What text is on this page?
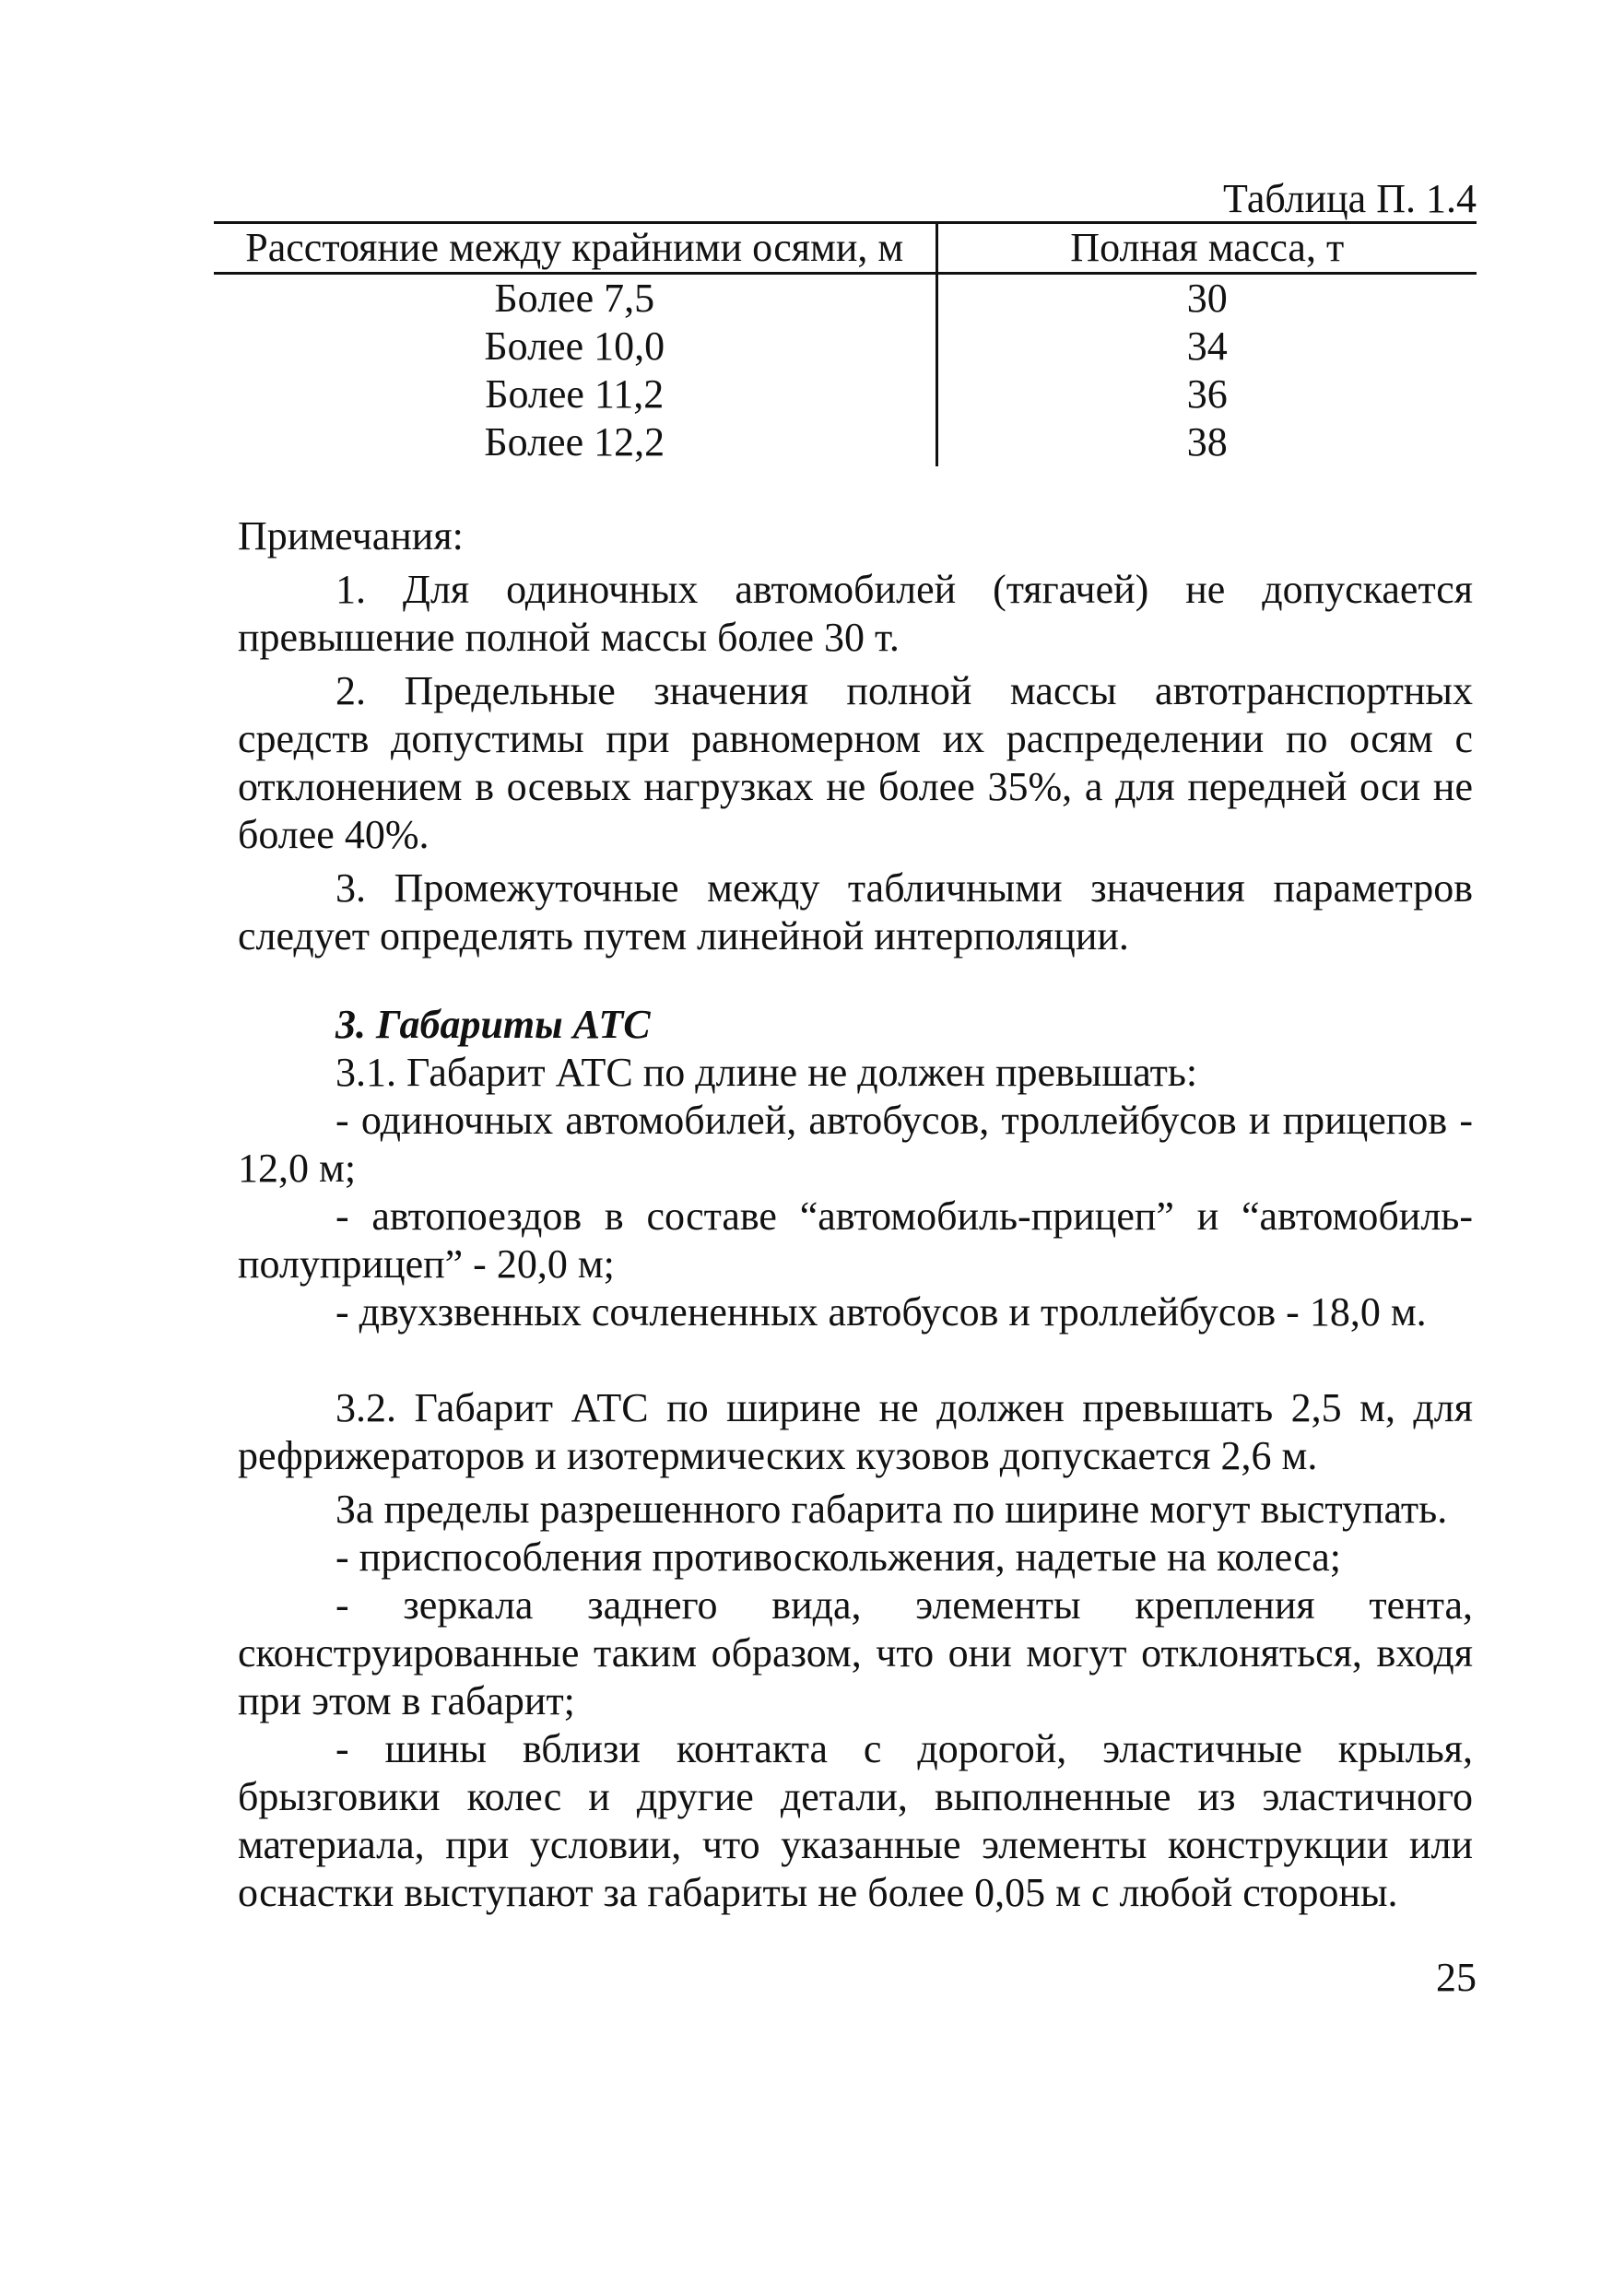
Таблица П. 1.4
Расстояние между крайними осями, м	Полная масса, т
Более 7,5	30
Более 10,0	34
Более 11,2	36
Более 12,2	38

Примечания:

1. Для одиночных автомобилей (тягачей) не допускается превышение полной массы более 30 т.

2. Предельные значения полной массы автотранспортных средств допустимы при равномерном их распределении по осям с отклонением в осевых нагрузках не более 35%, а для передней оси не более 40%.

3. Промежуточные между табличными значения параметров следует определять путем линейной интерполяции.

3. Габариты АТС

3.1. Габарит АТС по длине не должен превышать:

- одиночных автомобилей, автобусов, троллейбусов и прицепов - 12,0 м;

- автопоездов в составе “автомобиль-прицеп” и “автомобиль-полуприцеп” - 20,0 м;

- двухзвенных сочлененных автобусов и троллейбусов - 18,0 м.

3.2. Габарит АТС по ширине не должен превышать 2,5 м, для рефрижераторов и изотермических кузовов допускается 2,6 м.

За пределы разрешенного габарита по ширине могут выступать.

- приспособления противоскольжения, надетые на колеса;

- зеркала заднего вида, элементы крепления тента, сконструированные таким образом, что они могут отклоняться, входя при этом в габарит;

- шины вблизи контакта с дорогой, эластичные крылья, брызговики колес и другие детали, выполненные из эластичного материала, при условии, что указанные элементы конструкции или оснастки выступают за габариты не более 0,05 м с любой стороны.

25
